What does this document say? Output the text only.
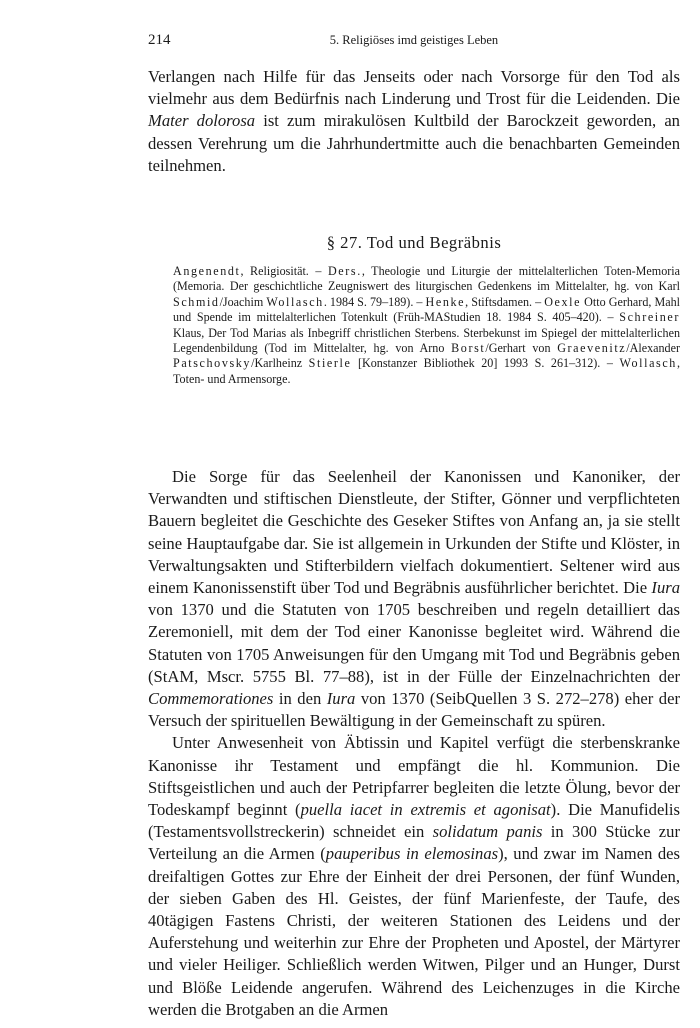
214	5. Religiöses imd geistiges Leben

Verlangen nach Hilfe für das Jenseits oder nach Vorsorge für den Tod als vielmehr aus dem Bedürfnis nach Linderung und Trost für die Leidenden. Die Mater dolorosa ist zum mirakulösen Kultbild der Barockzeit geworden, an dessen Verehrung um die Jahrhundertmitte auch die benachbarten Gemeinden teilnehmen.

§ 27. Tod und Begräbnis

Angenendt, Religiosität. – Ders., Theologie und Liturgie der mittelalterlichen Toten-Memoria (Memoria. Der geschichtliche Zeugniswert des liturgischen Gedenkens im Mittelalter, hg. von Karl Schmid/Joachim Wollasch. 1984 S. 79–189). – Henke, Stiftsdamen. – Oexle Otto Gerhard, Mahl und Spende im mittelalterlichen Totenkult (Früh-MAStudien 18. 1984 S. 405–420). – Schreiner Klaus, Der Tod Marias als Inbegriff christlichen Sterbens. Sterbekunst im Spiegel der mittelalterlichen Legendenbildung (Tod im Mittelalter, hg. von Arno Borst/Gerhart von Graevenitz/Alexander Patschovsky/Karlheinz Stierle [Konstanzer Bibliothek 20] 1993 S. 261–312). – Wollasch, Toten- und Armensorge.

Die Sorge für das Seelenheil der Kanonissen und Kanoniker, der Verwandten und stiftischen Dienstleute, der Stifter, Gönner und verpflichteten Bauern begleitet die Geschichte des Geseker Stiftes von Anfang an, ja sie stellt seine Hauptaufgabe dar. Sie ist allgemein in Urkunden der Stifte und Klöster, in Verwaltungsakten und Stifterbildern vielfach dokumentiert. Seltener wird aus einem Kanonissenstift über Tod und Begräbnis ausführlicher berichtet. Die Iura von 1370 und die Statuten von 1705 beschreiben und regeln detailliert das Zeremoniell, mit dem der Tod einer Kanonisse begleitet wird. Während die Statuten von 1705 Anweisungen für den Umgang mit Tod und Begräbnis geben (StAM, Mscr. 5755 Bl. 77–88), ist in der Fülle der Einzelnachrichten der Commemorationes in den Iura von 1370 (SeibQuellen 3 S. 272–278) eher der Versuch der spirituellen Bewältigung in der Gemeinschaft zu spüren.

Unter Anwesenheit von Äbtissin und Kapitel verfügt die sterbenskranke Kanonisse ihr Testament und empfängt die hl. Kommunion. Die Stiftsgeistlichen und auch der Petripfarrer begleiten die letzte Ölung, bevor der Todeskampf beginnt (puella iacet in extremis et agonisat). Die Manufidelis (Testamentsvollstreckerin) schneidet ein solidatum panis in 300 Stücke zur Verteilung an die Armen (pauperibus in elemosinas), und zwar im Namen des dreifaltigen Gottes zur Ehre der Einheit der drei Personen, der fünf Wunden, der sieben Gaben des Hl. Geistes, der fünf Marienfeste, der Taufe, des 40tägigen Fastens Christi, der weiteren Stationen des Leidens und der Auferstehung und weiterhin zur Ehre der Propheten und Apostel, der Märtyrer und vieler Heiliger. Schließlich werden Witwen, Pilger und an Hunger, Durst und Blöße Leidende angerufen. Während des Leichenzuges in die Kirche werden die Brotgaben an die Armen
